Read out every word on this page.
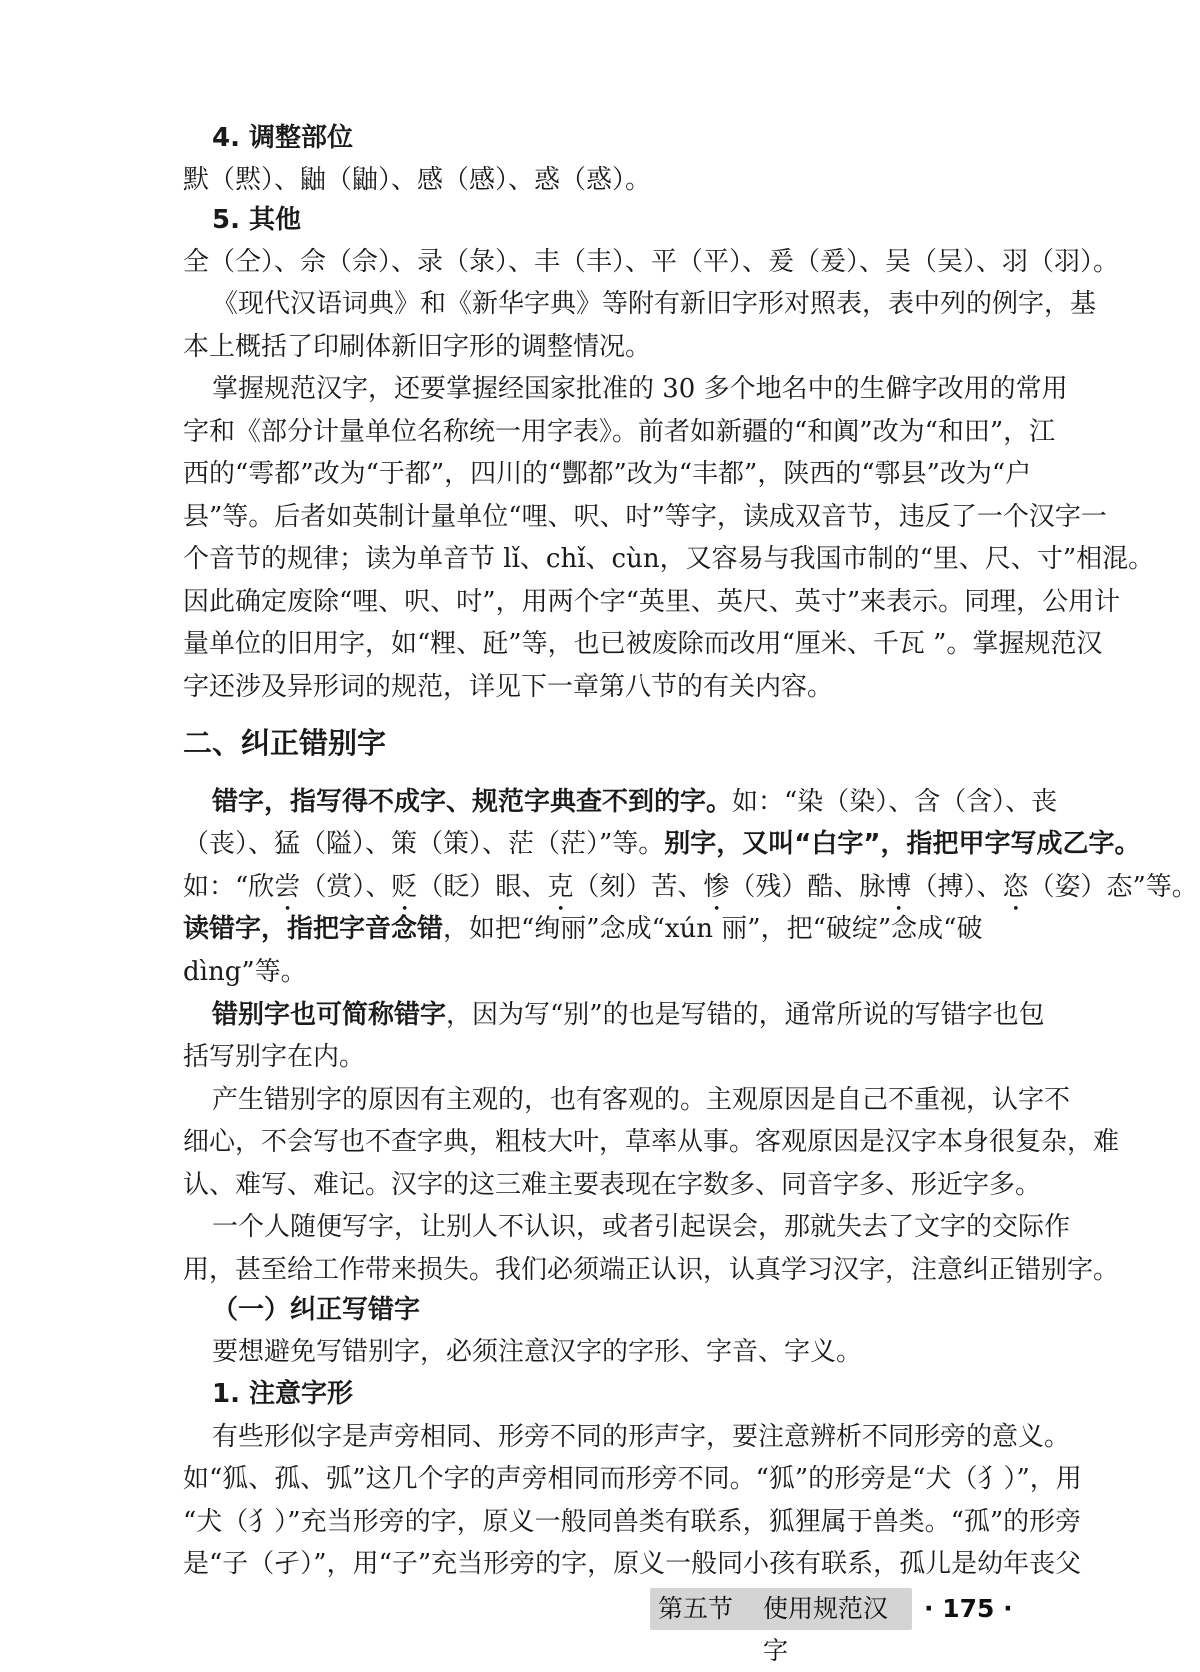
4. 调整部位
默（黙）、鼬（鼬）、感（感）、惑（惑）。
5. 其他
全（仝）、佘（佘）、录（彔）、丰（丰）、平（平）、爰（爰）、吴（吴）、羽（羽）。
《现代汉语词典》和《新华字典》等附有新旧字形对照表，表中列的例字，基
本上概括了印刷体新旧字形的调整情况。
掌握规范汉字，还要掌握经国家批准的 30 多个地名中的生僻字改用的常用
字和《部分计量单位名称统一用字表》。前者如新疆的“和阗”改为“和田”，江
西的“雩都”改为“于都”，四川的“酆都”改为“丰都”，陕西的“鄠县”改为“户
县”等。后者如英制计量单位“哩、呎、吋”等字，读成双音节，违反了一个汉字一
个音节的规律；读为单音节 lǐ、chǐ、cùn，又容易与我国市制的“里、尺、寸”相混。
因此确定废除“哩、呎、吋”，用两个字“英里、英尺、英寸”来表示。同理，公用计
量单位的旧用字，如“粴、瓩”等，也已被废除而改用“厘米、千瓦 ”。掌握规范汉
字还涉及异形词的规范，详见下一章第八节的有关内容。
二、纠正错别字
错字，指写得不成字、规范字典查不到的字。如：“染（染）、含（含）、丧
（丧）、猛（隘）、策（策）、茫（茫）”等。别字，又叫“白字”，指把甲字写成乙字。
如：“欣尝（赏）、贬（眨）眼、克（刻）苦、惨（残）酷、脉博（搏）、恣（姿）态”等。
读错字，指把字音念错，如把“绚丽”念成“xún 丽”，把“破绽”念成“破
dìng”等。
错别字也可简称错字，因为写“别”的也是写错的，通常所说的写错字也包
括写别字在内。
产生错别字的原因有主观的，也有客观的。主观原因是自己不重视，认字不
细心，不会写也不查字典，粗枝大叶，草率从事。客观原因是汉字本身很复杂，难
认、难写、难记。汉字的这三难主要表现在字数多、同音字多、形近字多。
一个人随便写字，让别人不认识，或者引起误会，那就失去了文字的交际作
用，甚至给工作带来损失。我们必须端正认识，认真学习汉字，注意纠正错别字。
（一）纠正写错字
要想避免写错别字，必须注意汉字的字形、字音、字义。
1. 注意字形
有些形似字是声旁相同、形旁不同的形声字，要注意辨析不同形旁的意义。
如“狐、孤、弧”这几个字的声旁相同而形旁不同。“狐”的形旁是“犬（犭）”，用
“犬（犭）”充当形旁的字，原义一般同兽类有联系，狐狸属于兽类。“孤”的形旁
是“子（孑）”，用“子”充当形旁的字，原义一般同小孩有联系，孤儿是幼年丧父
第五节 使用规范汉字
· 175 ·
